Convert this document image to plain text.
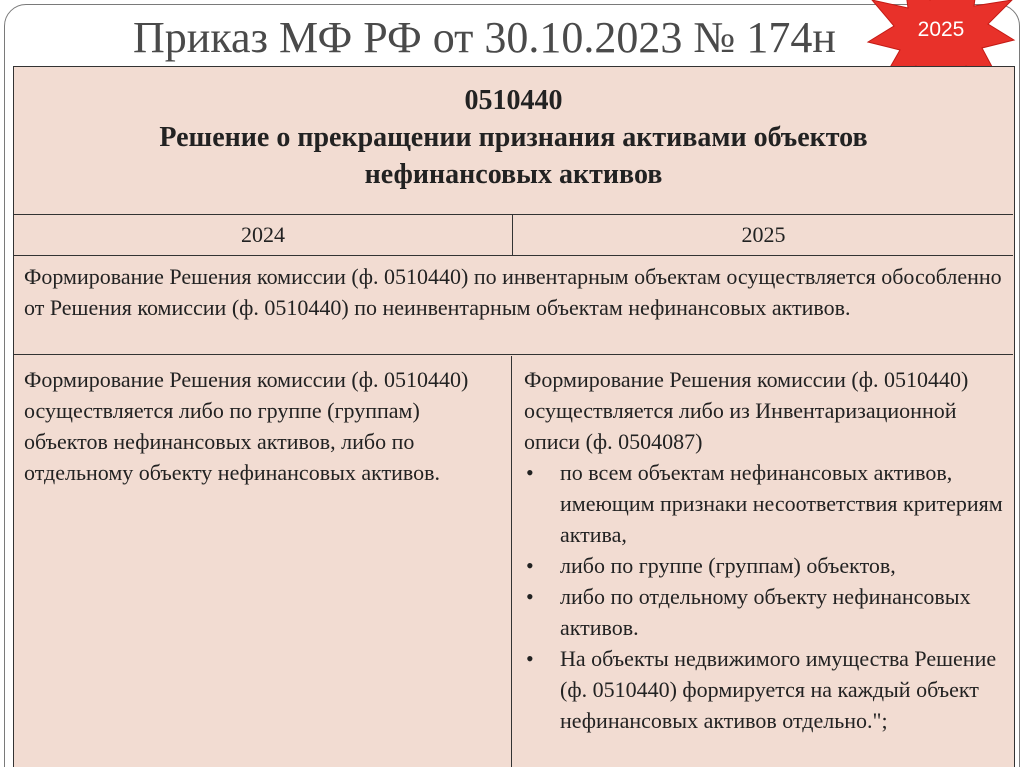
Приказ МФ РФ от 30.10.2023 № 174н	2025
0510440
Решение о прекращении признания активами объектов
нефинансовых активов
2024	2025
Формирование Решения комиссии (ф. 0510440) по инвентарным объектам осуществляется обособленно от Решения комиссии (ф. 0510440) по неинвентарным объектам нефинансовых активов.
Формирование Решения комиссии (ф. 0510440) осуществляется либо по группе (группам) объектов нефинансовых активов, либо по отдельному объекту нефинансовых активов.
Формирование Решения комиссии (ф. 0510440) осуществляется либо из Инвентаризационной описи (ф. 0504087)
• по всем объектам нефинансовых активов, имеющим признаки несоответствия критериям актива,
• либо по группе (группам) объектов,
• либо по отдельному объекту нефинансовых активов.
• На объекты недвижимого имущества Решение (ф. 0510440) формируется на каждый объект нефинансовых активов отдельно.";
